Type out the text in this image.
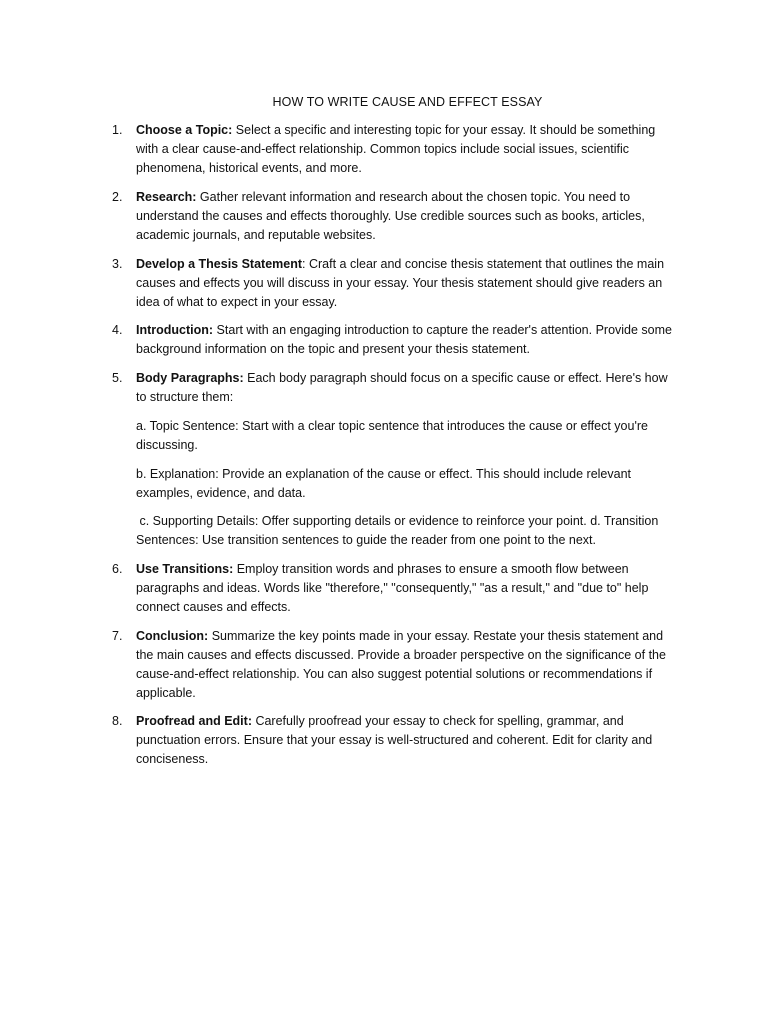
HOW TO WRITE CAUSE AND EFFECT ESSAY
1.	Choose a Topic: Select a specific and interesting topic for your essay. It should be something with a clear cause-and-effect relationship. Common topics include social issues, scientific phenomena, historical events, and more.
2.	Research: Gather relevant information and research about the chosen topic. You need to understand the causes and effects thoroughly. Use credible sources such as books, articles, academic journals, and reputable websites.
3.	Develop a Thesis Statement: Craft a clear and concise thesis statement that outlines the main causes and effects you will discuss in your essay. Your thesis statement should give readers an idea of what to expect in your essay.
4.	Introduction: Start with an engaging introduction to capture the reader's attention. Provide some background information on the topic and present your thesis statement.
5.	Body Paragraphs: Each body paragraph should focus on a specific cause or effect. Here's how to structure them:
a. Topic Sentence: Start with a clear topic sentence that introduces the cause or effect you're discussing.
b. Explanation: Provide an explanation of the cause or effect. This should include relevant examples, evidence, and data.
c. Supporting Details: Offer supporting details or evidence to reinforce your point. d. Transition Sentences: Use transition sentences to guide the reader from one point to the next.
6.	Use Transitions: Employ transition words and phrases to ensure a smooth flow between paragraphs and ideas. Words like "therefore," "consequently," "as a result," and "due to" help connect causes and effects.
7.	Conclusion: Summarize the key points made in your essay. Restate your thesis statement and the main causes and effects discussed. Provide a broader perspective on the significance of the cause-and-effect relationship. You can also suggest potential solutions or recommendations if applicable.
8.	Proofread and Edit: Carefully proofread your essay to check for spelling, grammar, and punctuation errors. Ensure that your essay is well-structured and coherent. Edit for clarity and conciseness.
